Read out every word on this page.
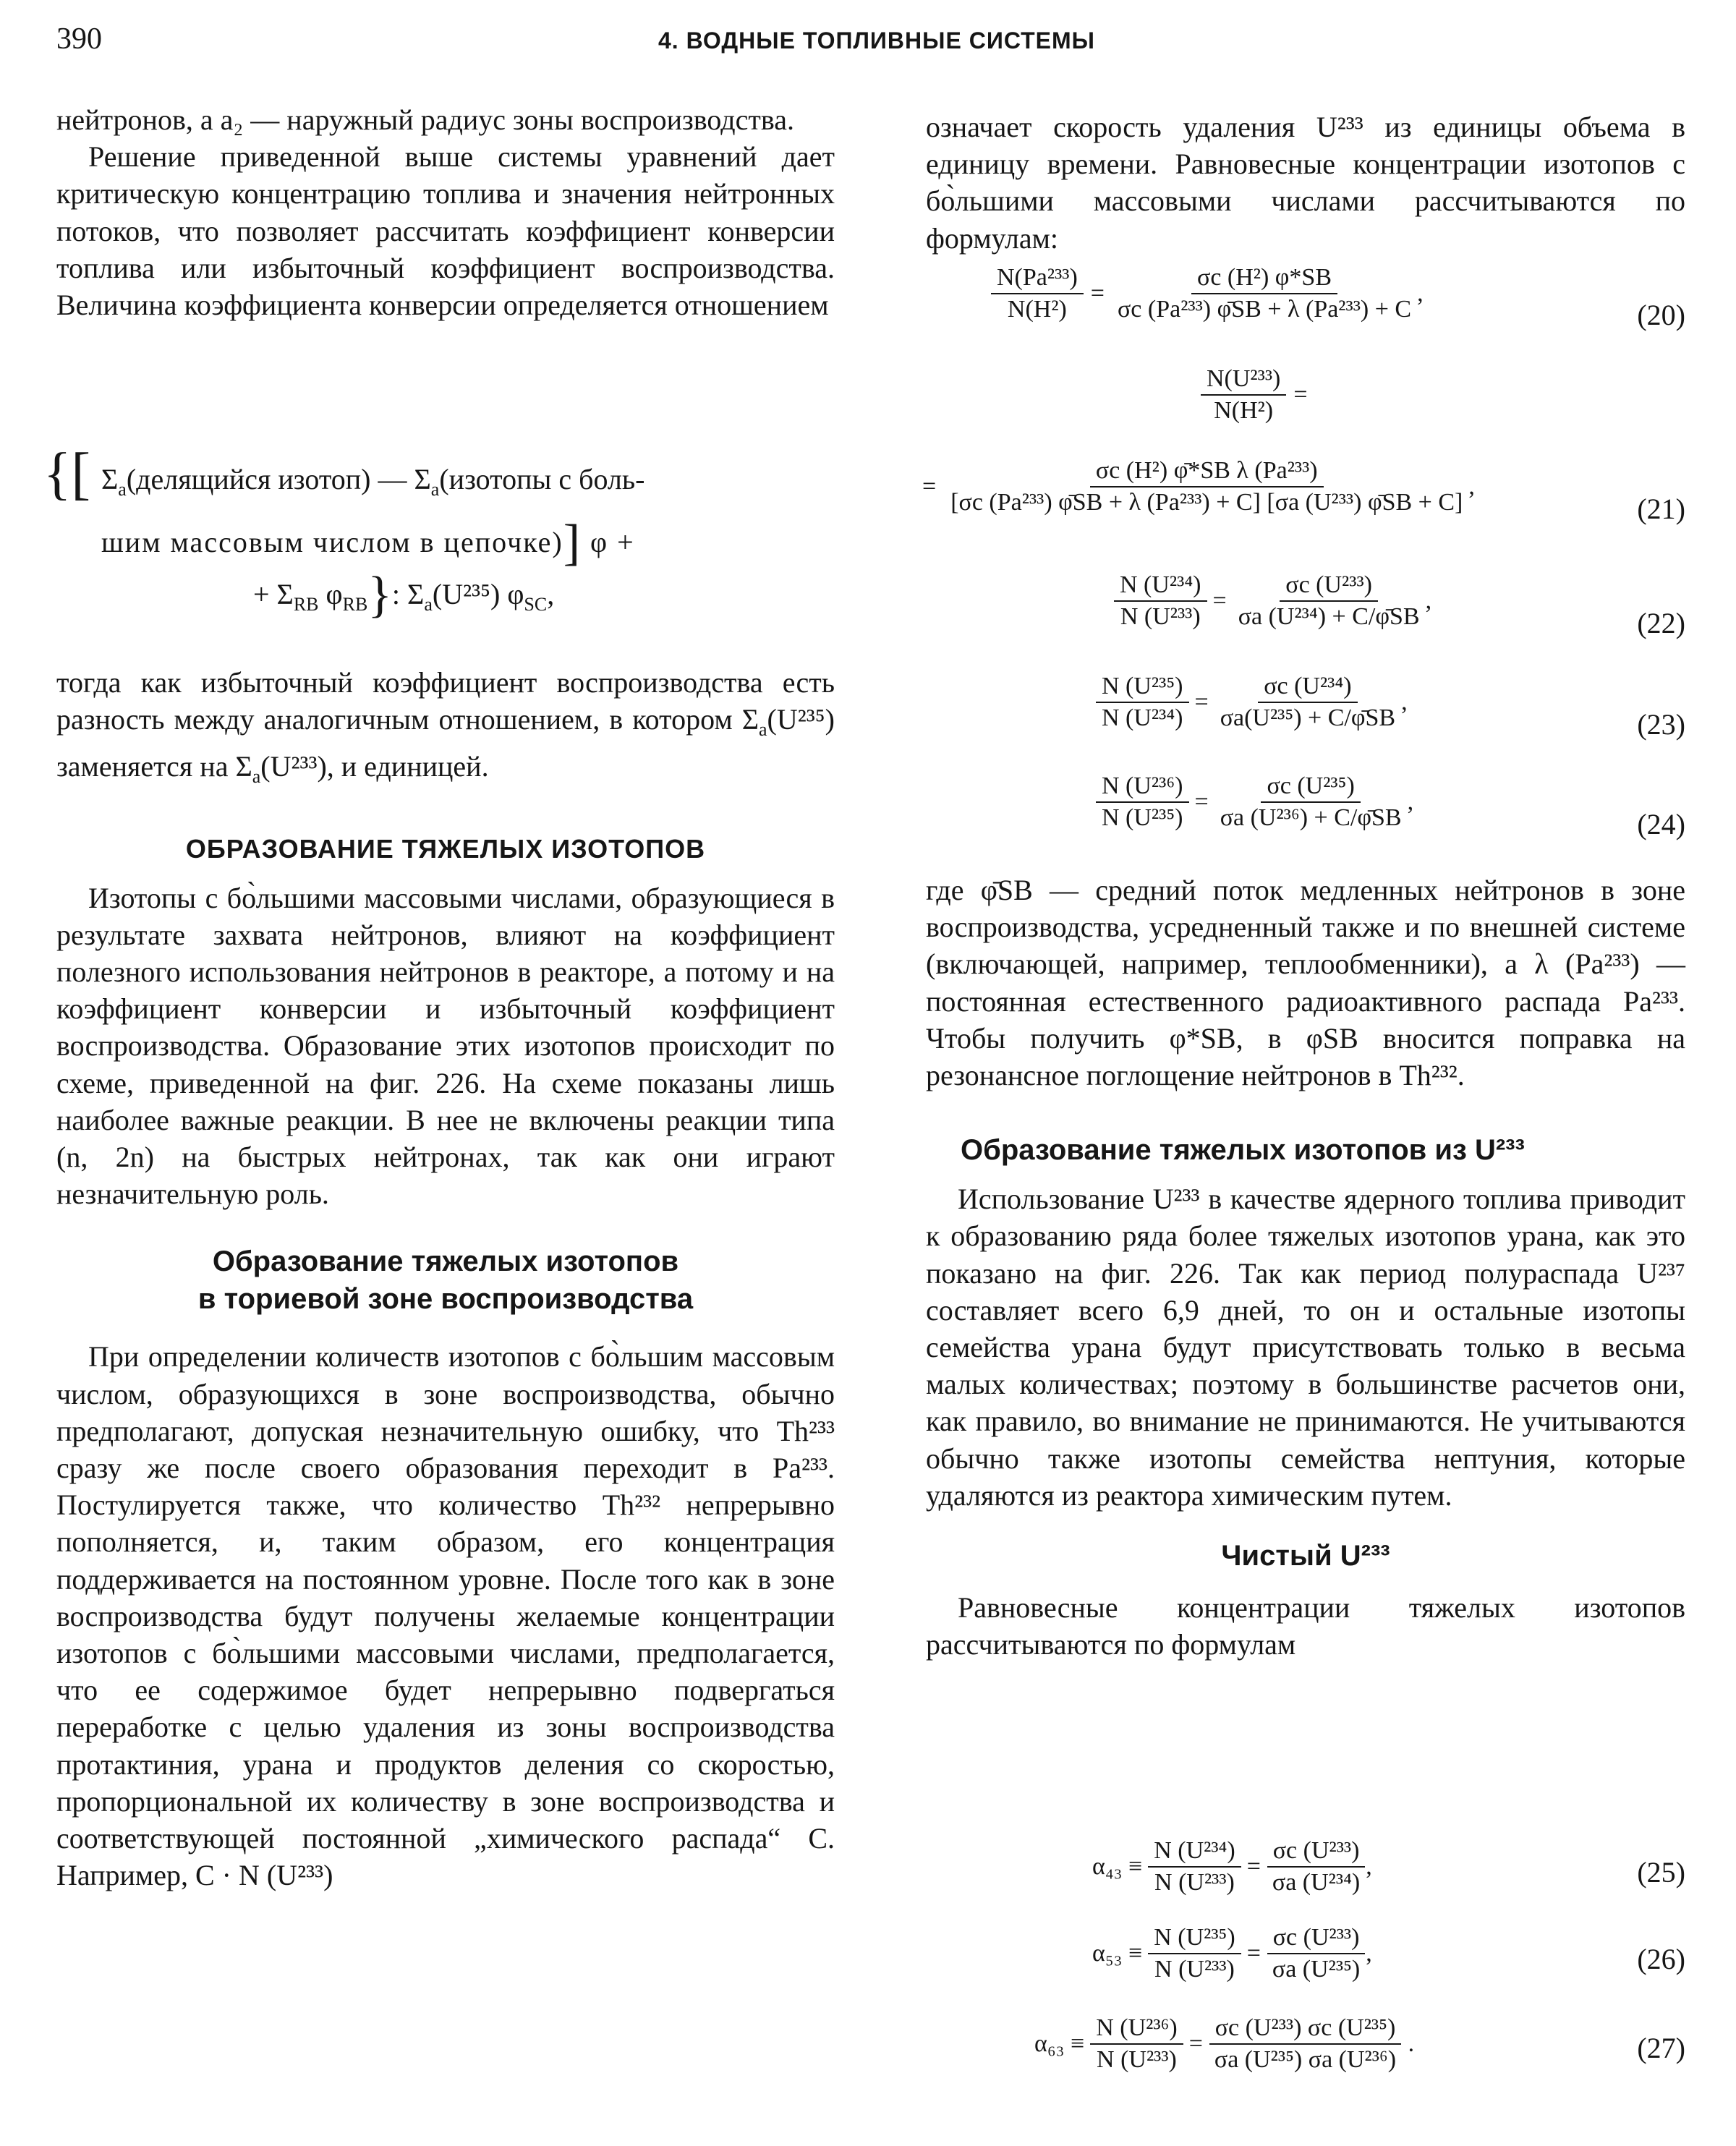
390	4. ВОДНЫЕ ТОПЛИВНЫЕ СИСТЕМЫ

нейтронов, а a₂ — наружный радиус зоны воспроизводства.

Решение приведенной выше системы уравнений дает критическую концентрацию топлива и значения нейтронных потоков, что позволяет рассчитать коэффициент конверсии топлива или избыточный коэффициент воспроизводства. Величина коэффициента конверсии определяется отношением

{[ $\Sigma_a(делящийся$ изотоп) — $\Sigma_a(изотопы$ с боль-
шим массовым числом в цепочке)] φ +
+ $\Sigma_{RB}$ $\varphi_{RB}$}: $\Sigma_a(U^{235})$ $\varphi_{SC}$,

тогда как избыточный коэффициент воспроизводства есть разность между аналогичным отношением, в котором $\Sigma_a(U^{235})$ заменяется на $\Sigma_a(U^{233})$, и единицей.

ОБРАЗОВАНИЕ ТЯЖЕЛЫХ ИЗОТОПОВ

Изотопы с бо̀льшими массовыми числами, образующиеся в результате захвата нейтронов, влияют на коэффициент полезного использования нейтронов в реакторе, а потому и на коэффициент конверсии и избыточный коэффициент воспроизводства. Образование этих изотопов происходит по схеме, приведенной на фиг. 226. На схеме показаны лишь наиболее важные реакции. В нее не включены реакции типа (n, 2n) на быстрых нейтронах, так как они играют незначительную роль.

Образование тяжелых изотопов
в ториевой зоне воспроизводства

При определении количеств изотопов с бо̀льшим массовым числом, образующихся в зоне воспроизводства, обычно предполагают, допуская незначительную ошибку, что Th²³³ сразу же после своего образования переходит в Pa²³³. Постулируется также, что количество Th²³² непрерывно пополняется, и, таким образом, его концентрация поддерживается на постоянном уровне. После того как в зоне воспроизводства будут получены желаемые концентрации изотопов с бо̀льшими массовыми числами, предполагается, что ее содержимое будет непрерывно подвергаться переработке с целью удаления из зоны воспроизводства протактиния, урана и продуктов деления со скоростью, пропорциональной их количеству в зоне воспроизводства и соответствующей постоянной „химического распада“ C. Например, C · N (U²³³)

означает скорость удаления U²³³ из единицы объема в единицу времени. Равновесные концентрации изотопов с бо̀льшими массовыми числами рассчитываются по формулам:

$\frac{\text{N(Pa²³³)}}{\text{N(H²)}} = \frac{\text{σc (H²) φ*SB}}{\text{σc (Pa²³³) φ̄SB + λ (Pa²³³) + C}}$ ,
(20)
$\frac{\text{N(U²³³)}}{\text{N(H²)}}$ =
= $\frac{\text{σc (H²) φ̄*SB λ (Pa²³³)}}{\text{[σc (Pa²³³) φ̄SB + λ (Pa²³³) + C] [σa (U²³³) φ̄SB + C]}}$ ,
(21)
$\frac{\text{N (U²³⁴)}}{\text{N (U²³³)}} = \frac{\text{σc (U²³³)}}{\text{σa (U²³⁴) + C/φ̄SB}}$ ,
(22)
$\frac{\text{N (U²³⁵)}}{\text{N (U²³⁴)}} = \frac{\text{σc (U²³⁴)}}{\text{σa(U²³⁵) + C/φ̄SB}}$ ,
(23)
$\frac{\text{N (U²³⁶)}}{\text{N (U²³⁵)}} = \frac{\text{σc (U²³⁵)}}{\text{σa (U²³⁶) + C/φ̄SB}}$ ,
(24)

где φ̄SB — средний поток медленных нейтронов в зоне воспроизводства, усредненный также и по внешней системе (включающей, например, теплообменники), а λ (Pa²³³) — постоянная естественного радиоактивного распада Pa²³³. Чтобы получить φ*SB, в φSB вносится поправка на резонансное поглощение нейтронов в Th²³².

Образование тяжелых изотопов из U²³³

Использование U²³³ в качестве ядерного топлива приводит к образованию ряда более тяжелых изотопов урана, как это показано на фиг. 226. Так как период полураспада U²³⁷ составляет всего 6,9 дней, то он и остальные изотопы семейства урана будут присутствовать только в весьма малых количествах; поэтому в большинстве расчетов они, как правило, во внимание не принимаются. Не учитываются обычно также изотопы семейства нептуния, которые удаляются из реактора химическим путем.

Чистый U²³³

Равновесные концентрации тяжелых изотопов рассчитываются по формулам

$\alpha_{43} \equiv \frac{\text{N (U²³⁴)}}{\text{N (U²³³)}} = \frac{\text{σc (U²³³)}}{\text{σa (U²³⁴)}}$ ,	(25)
$\alpha_{53} \equiv \frac{\text{N (U²³⁵)}}{\text{N (U²³³)}} = \frac{\text{σc (U²³³)}}{\text{σa (U²³⁵)}}$ ,	(26)
$\alpha_{63} \equiv \frac{\text{N (U²³⁶)}}{\text{N (U²³³)}} = \frac{\text{σc (U²³³) σc (U²³⁵)}}{\text{σa (U²³⁵) σa (U²³⁶)}}$ .	(27)
